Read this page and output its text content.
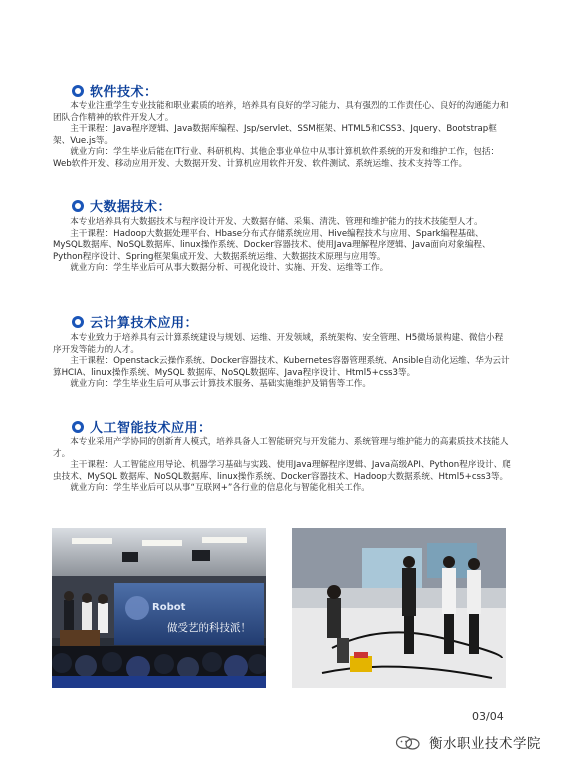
软件技术：

本专业注重学生专业技能和职业素质的培养，培养具有良好的学习能力、具有强烈的工作责任心、良好的沟通能力和团队合作精神的软件开发人才。

主干课程：Java程序逻辑、Java数据库编程、Jsp/servlet、SSM框架、HTML5和CSS3、Jquery、Bootstrap框架、Vue.js等。

就业方向：学生毕业后能在IT行业、科研机构、其他企事业单位中从事计算机软件系统的开发和维护工作，包括：Web软件开发、移动应用开发、大数据开发、计算机应用软件开发、软件测试、系统运维、技术支持等工作。

大数据技术：

本专业培养具有大数据技术与程序设计开发、大数据存储、采集、清洗、管理和维护能力的技术技能型人才。

主干课程：Hadoop大数据处理平台、Hbase分布式存储系统应用、Hive编程技术与应用、Spark编程基础、MySQL数据库、NoSQL数据库、linux操作系统、Docker容器技术、使用Java理解程序逻辑、Java面向对象编程、Python程序设计、Spring框架集成开发、大数据系统运维、大数据技术原理与应用等。

就业方向：学生毕业后可从事大数据分析、可视化设计、实施、开发、运维等工作。

云计算技术应用：

本专业致力于培养具有云计算系统建设与规划、运维、开发领域，系统架构、安全管理、H5微场景构建、微信小程序开发等能力的人才。

主干课程：Openstack云操作系统、Docker容器技术、Kubernetes容器管理系统、Ansible自动化运维、华为云计算HCIA、linux操作系统、MySQL 数据库、NoSQL数据库、Java程序设计、Html5+css3等。

就业方向：学生毕业生后可从事云计算技术服务、基础实施维护及销售等工作。

人工智能技术应用：

本专业采用产学协同的创新育人模式，培养具备人工智能研究与开发能力、系统管理与维护能力的高素质技术技能人才。

主干课程：人工智能应用导论、机器学习基础与实践、使用Java理解程序逻辑、Java高级API、Python程序设计、爬虫技术、MySQL 数据库、NoSQL数据库、linux操作系统、Docker容器技术、Hadoop大数据系统、Html5+css3等。

就业方向：学生毕业后可以从事“互联网+”各行业的信息化与智能化相关工作。

Robot
做受艺的科技派！
03/04
衡水职业技术学院
